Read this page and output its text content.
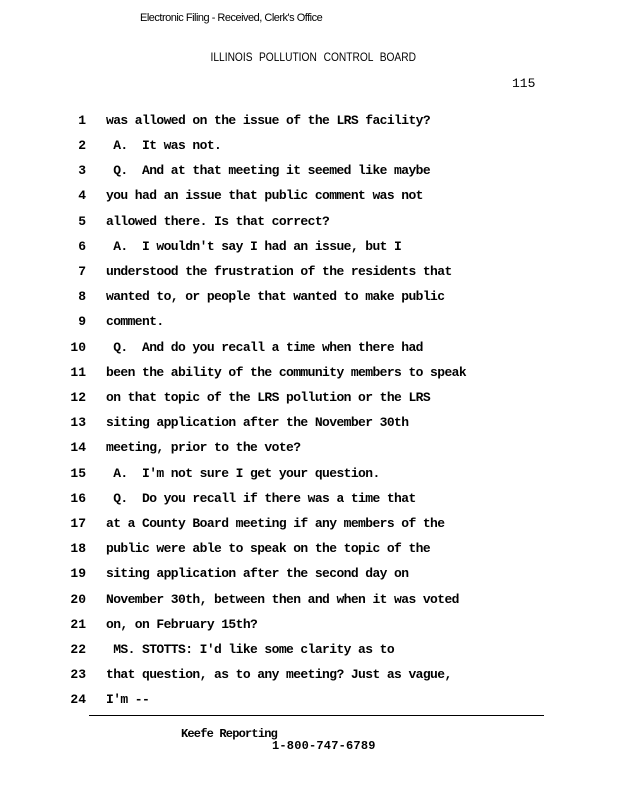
Electronic Filing - Received, Clerk's Office
ILLINOIS POLLUTION CONTROL BOARD
115
1 was allowed on the issue of the LRS facility?
2 A.  It was not.
3 Q.  And at that meeting it seemed like maybe
4 you had an issue that public comment was not
5 allowed there. Is that correct?
6 A.  I wouldn't say I had an issue, but I
7 understood the frustration of the residents that
8 wanted to, or people that wanted to make public
9 comment.
10 Q.  And do you recall a time when there had
11 been the ability of the community members to speak
12 on that topic of the LRS pollution or the LRS
13 siting application after the November 30th
14 meeting, prior to the vote?
15 A.  I'm not sure I get your question.
16 Q.  Do you recall if there was a time that
17 at a County Board meeting if any members of the
18 public were able to speak on the topic of the
19 siting application after the second day on
20 November 30th, between then and when it was voted
21 on, on February 15th?
22 MS. STOTTS: I'd like some clarity as to
23 that question, as to any meeting? Just as vague,
24 I'm --
Keefe Reporting
1-800-747-6789
